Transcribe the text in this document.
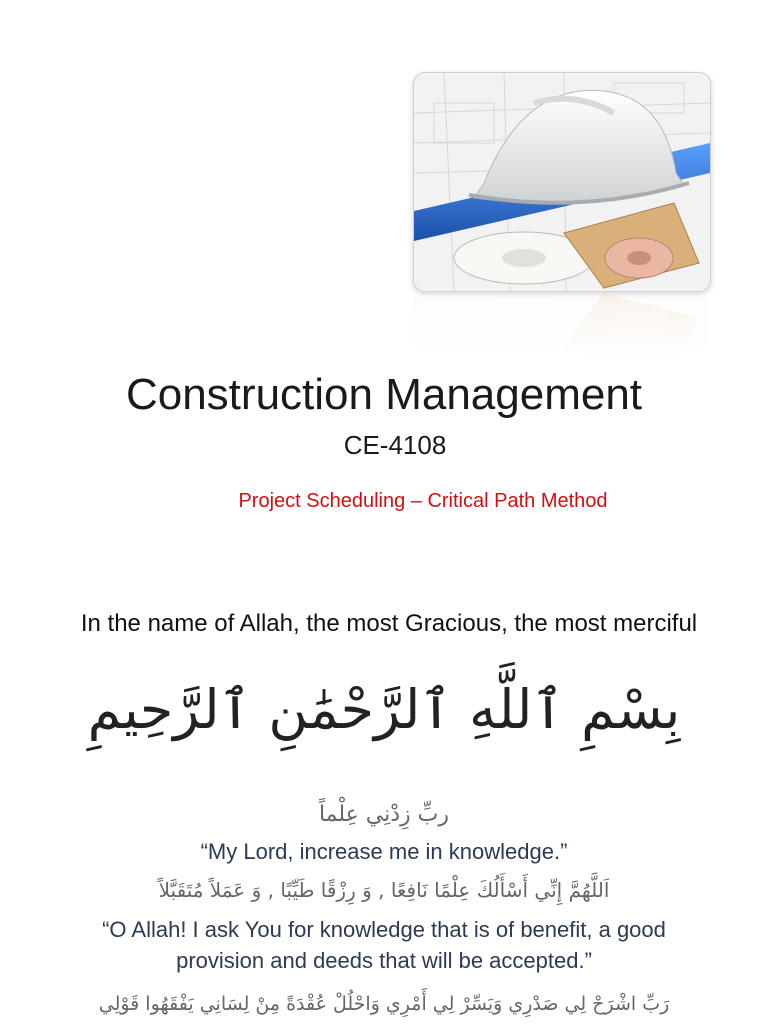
Construction Management
CE-4108
Project Scheduling – Critical Path Method
In the name of Allah, the most Gracious, the most merciful
بِسْمِ ٱللَّهِ ٱلرَّحْمَٰنِ ٱلرَّحِيمِ
ربِّ زِدْنِي عِلْماً
“My Lord, increase me in knowledge.”
اَللَّهُمَّ إِنِّي أَسْأَلُكَ عِلْمًا نَافِعًا , وَ رِزْقًا طَيِّبًا , وَ عَمَلاً مُتَقَبَّلاً
“O Allah! I ask You for knowledge that is of benefit, a good provision and deeds that will be accepted.”
رَبِّ اشْرَحْ لِي صَدْرِي وَيَسِّرْ لِي أَمْرِي وَاحْلُلْ عُقْدَةً مِنْ لِسَانِي يَفْقَهُوا قَوْلِي
